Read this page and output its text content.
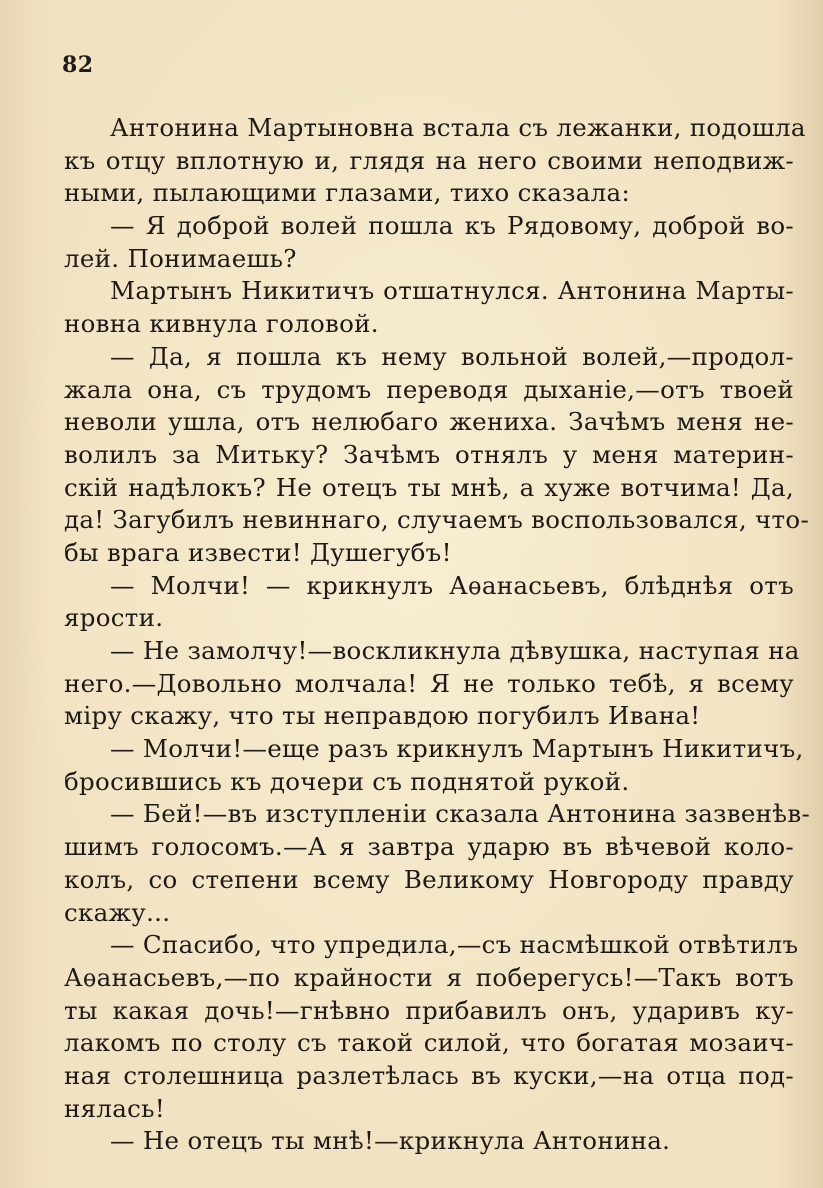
82
Антонина Мартыновна встала съ лежанки, подошла
къ отцу вплотную и, глядя на него своими неподвиж-
ными, пылающими глазами, тихо сказала:
— Я доброй волей пошла къ Рядовому, доброй во-
лей. Понимаешь?
Мартынъ Никитичъ отшатнулся. Антонина Марты-
новна кивнула головой.
— Да, я пошла къ нему вольной волей,—продол-
жала она, съ трудомъ переводя дыханіе,—отъ твоей
неволи ушла, отъ нелюбаго жениха. Зачѣмъ меня не-
волилъ за Митьку? Зачѣмъ отнялъ у меня материн-
скій надѣлокъ? Не отецъ ты мнѣ, а хуже вотчима! Да,
да! Загубилъ невиннаго, случаемъ воспользовался, что-
бы врага извести! Душегубъ!
— Молчи! — крикнулъ Аѳанасьевъ, блѣднѣя отъ
ярости.
— Не замолчу!—воскликнула дѣвушка, наступая на
него.—Довольно молчала! Я не только тебѣ, я всему
міру скажу, что ты неправдою погубилъ Ивана!
— Молчи!—еще разъ крикнулъ Мартынъ Никитичъ,
бросившись къ дочери съ поднятой рукой.
— Бей!—въ изступленіи сказала Антонина зазвенѣв-
шимъ голосомъ.—А я завтра ударю въ вѣчевой коло-
колъ, со степени всему Великому Новгороду правду
скажу...
— Спасибо, что упредила,—съ насмѣшкой отвѣтилъ
Аѳанасьевъ,—по крайности я поберегусь!—Такъ вотъ
ты какая дочь!—гнѣвно прибавилъ онъ, ударивъ ку-
лакомъ по столу съ такой силой, что богатая мозаич-
ная столешница разлетѣлась въ куски,—на отца под-
нялась!
— Не отецъ ты мнѣ!—крикнула Антонина.
